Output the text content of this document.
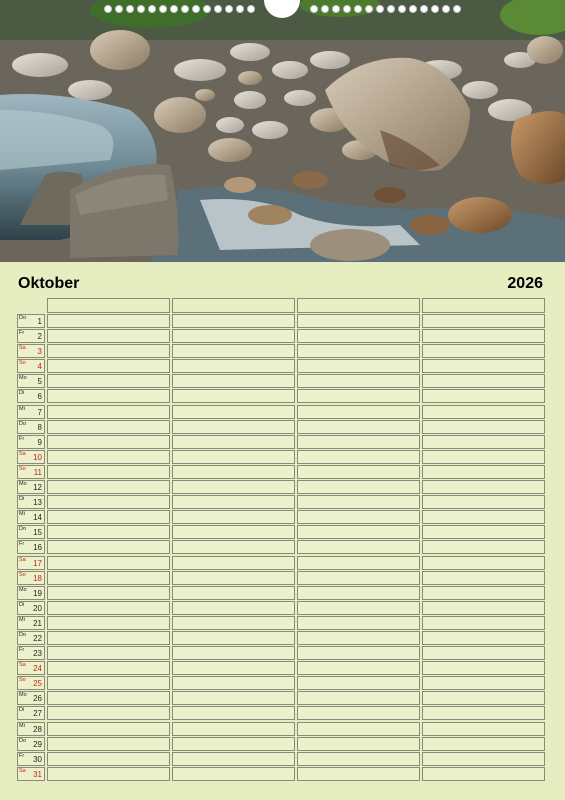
Oktober	2026
Do 1
Fr 2
Sa 3
So 4
Mo 5
Di 6
Mi 7
Do 8
Fr 9
Sa 10
So 11
Mo 12
Di 13
Mi 14
Do 15
Fr 16
Sa 17
So 18
Mo 19
Di 20
Mi 21
Do 22
Fr 23
Sa 24
So 25
Mo 26
Di 27
Mi 28
Do 29
Fr 30
Sa 31
